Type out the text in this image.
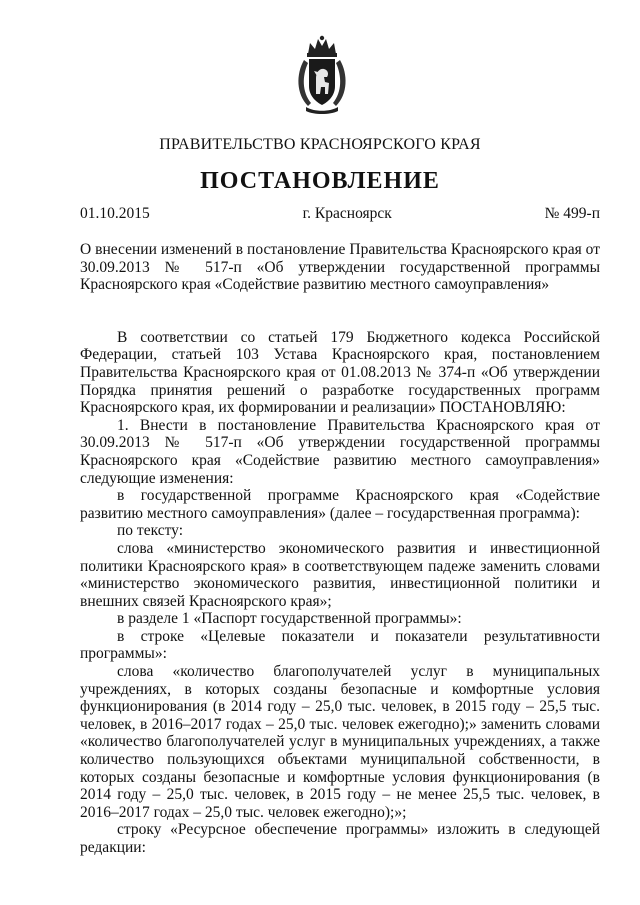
ПРАВИТЕЛЬСТВО КРАСНОЯРСКОГО КРАЯ
ПОСТАНОВЛЕНИЕ
01.10.2015	г. Красноярск	№ 499-п

О внесении изменений в постановление Правительства Красноярского края от 30.09.2013 № 517-п «Об утверждении государственной программы Красноярского края «Содействие развитию местного самоуправления»

В соответствии со статьей 179 Бюджетного кодекса Российской Федерации, статьей 103 Устава Красноярского края, постановлением Правительства Красноярского края от 01.08.2013 № 374-п «Об утверждении Порядка принятия решений о разработке государственных программ Красноярского края, их формировании и реализации» ПОСТАНОВЛЯЮ:

1. Внести в постановление Правительства Красноярского края от 30.09.2013 № 517-п «Об утверждении государственной программы Красноярского края «Содействие развитию местного самоуправления» следующие изменения:

в государственной программе Красноярского края «Содействие развитию местного самоуправления» (далее – государственная программа):

по тексту:

слова «министерство экономического развития и инвестиционной политики Красноярского края» в соответствующем падеже заменить словами «министерство экономического развития, инвестиционной политики и внешних связей Красноярского края»;

в разделе 1 «Паспорт государственной программы»:

в строке «Целевые показатели и показатели результативности программы»:

слова «количество благополучателей услуг в муниципальных учреждениях, в которых созданы безопасные и комфортные условия функционирования (в 2014 году – 25,0 тыс. человек, в 2015 году – 25,5 тыс. человек, в 2016–2017 годах – 25,0 тыс. человек ежегодно);» заменить словами «количество благополучателей услуг в муниципальных учреждениях, а также количество пользующихся объектами муниципальной собственности, в которых созданы безопасные и комфортные условия функционирования (в 2014 году – 25,0 тыс. человек, в 2015 году – не менее 25,5 тыс. человек, в 2016–2017 годах – 25,0 тыс. человек ежегодно);»;

строку «Ресурсное обеспечение программы» изложить в следующей редакции:
